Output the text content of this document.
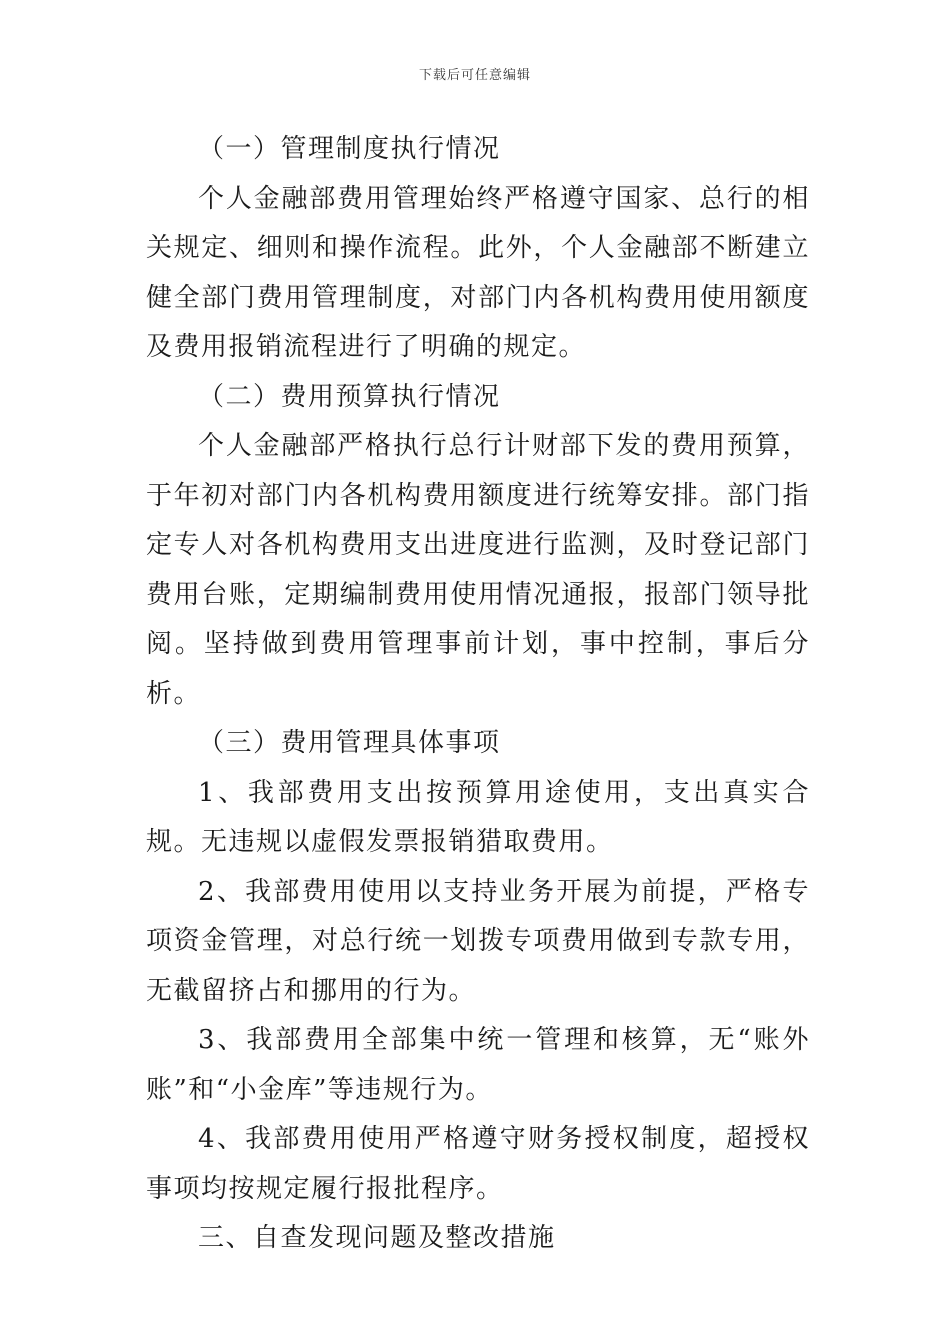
下载后可任意编辑

（一）管理制度执行情况

个人金融部费用管理始终严格遵守国家、总行的相关规定、细则和操作流程。此外，个人金融部不断建立健全部门费用管理制度，对部门内各机构费用使用额度及费用报销流程进行了明确的规定。

（二）费用预算执行情况

个人金融部严格执行总行计财部下发的费用预算，于年初对部门内各机构费用额度进行统筹安排。部门指定专人对各机构费用支出进度进行监测，及时登记部门费用台账，定期编制费用使用情况通报，报部门领导批阅。坚持做到费用管理事前计划，事中控制，事后分析。

（三）费用管理具体事项

1、我部费用支出按预算用途使用，支出真实合规。无违规以虚假发票报销猎取费用。

2、我部费用使用以支持业务开展为前提，严格专项资金管理，对总行统一划拨专项费用做到专款专用，无截留挤占和挪用的行为。

3、我部费用全部集中统一管理和核算，无“账外账”和“小金库”等违规行为。

4、我部费用使用严格遵守财务授权制度，超授权事项均按规定履行报批程序。

三、自查发现问题及整改措施
